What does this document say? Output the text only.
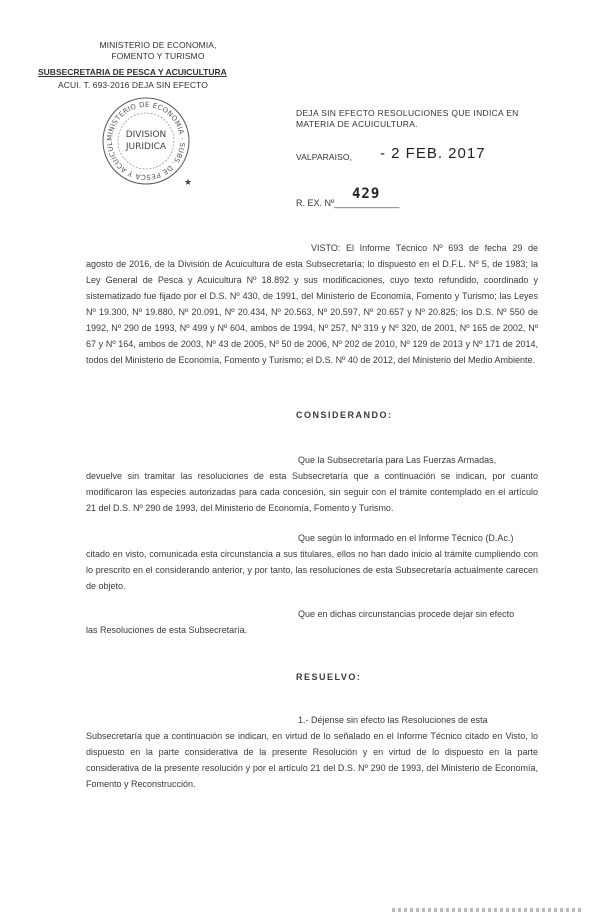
MINISTERIO DE ECONOMIA,
FOMENTO Y TURISMO
SUBSECRETARIA DE PESCA Y ACUICULTURA
ACUI. T. 693-2016 DEJA SIN EFECTO
MINISTERIO DE ECONOMIA · SUBS. DE PESCA Y ACUICUL
DIVISION
JURIDICA
★
DEJA SIN EFECTO RESOLUCIONES QUE INDICA EN
MATERIA DE ACUICULTURA.
VALPARAISO, - 2 FEB. 2017
R. EX. Nº_____________
429
VISTO: El Informe Técnico Nº 693 de fecha 29 de agosto de 2016, de la División de Acuicultura de esta Subsecretaría; lo dispuesto en el D.F.L. Nº 5, de 1983; la Ley General de Pesca y Acuicultura Nº 18.892 y sus modificaciones, cuyo texto refundido, coordinado y sistematizado fue fijado por el D.S. Nº 430, de 1991, del Ministerio de Economía, Fomento y Turismo; las Leyes Nº 19.300, Nº 19.880, Nº 20.091, Nº 20.434, Nº 20.563, Nº 20.597, Nº 20.657 y Nº 20.825; los D.S. Nº 550 de 1992, Nº 290 de 1993, Nº 499 y Nº 604, ambos de 1994, Nº 257, Nº 319 y Nº 320, de 2001, Nº 165 de 2002, Nº 67 y Nº 164, ambos de 2003, Nº 43 de 2005, Nº 50 de 2006, Nº 202 de 2010, Nº 129 de 2013 y Nº 171 de 2014, todos del Ministerio de Economía, Fomento y Turismo; el D.S. Nº 40 de 2012, del Ministerio del Medio Ambiente.
CONSIDERANDO:
Que la Subsecretaría para Las Fuerzas Armadas,
devuelve sin tramitar las resoluciones de esta Subsecretaría que a continuación se indican, por cuanto modificaron las especies autorizadas para cada concesión, sin seguir con el trámite contemplado en el artículo 21 del D.S. Nº 290 de 1993, del Ministerio de Economía, Fomento y Turismo.
Que según lo informado en el Informe Técnico (D.Ac.)
citado en visto, comunicada esta circunstancia a sus titulares, ellos no han dado inicio al trámite cumpliendo con lo prescrito en el considerando anterior, y por tanto, las resoluciones de esta Subsecretaría actualmente carecen de objeto.
Que en dichas circunstancias procede dejar sin efecto
las Resoluciones de esta Subsecretaría.
RESUELVO:
1.- Déjense sin efecto las Resoluciones de esta
Subsecretaría que a continuación se indican, en virtud de lo señalado en el Informe Técnico citado en Visto, lo dispuesto en la parte considerativa de la presente Resolución y en virtud de lo dispuesto en la parte considerativa de la presente resolución y por el artículo 21 del D.S. Nº 290 de 1993, del Ministerio de Economía, Fomento y Reconstrucción.
